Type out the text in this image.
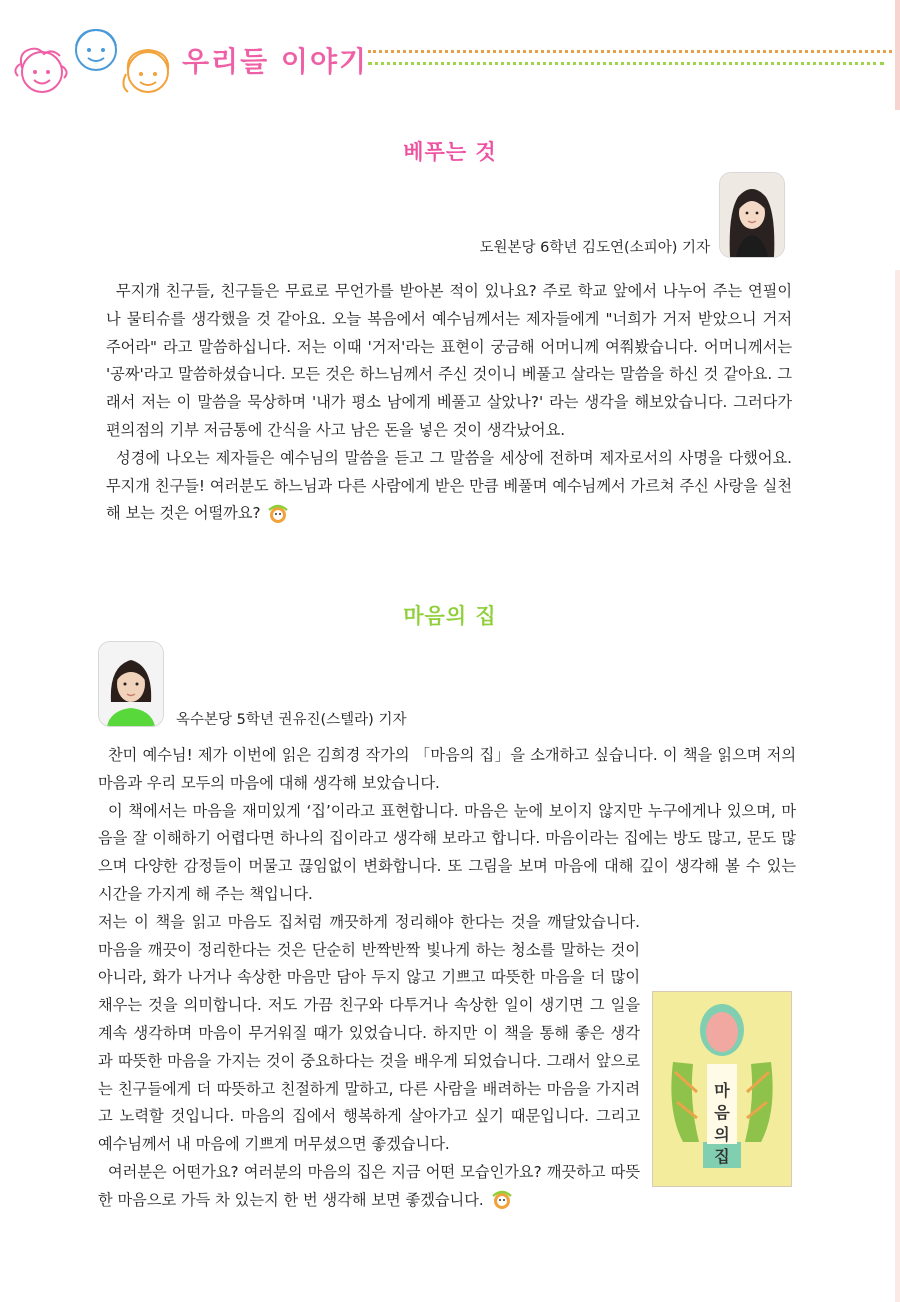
우리들 이야기
베푸는 것
도원본당 6학년 김도연(소피아) 기자

무지개 친구들, 친구들은 무료로 무언가를 받아본 적이 있나요? 주로 학교 앞에서 나누어 주는 연필이나 물티슈를 생각했을 것 같아요. 오늘 복음에서 예수님께서는 제자들에게 "너희가 거저 받았으니 거저 주어라" 라고 말씀하십니다. 저는 이때 '거저'라는 표현이 궁금해 어머니께 여쭤봤습니다. 어머니께서는 '공짜'라고 말씀하셨습니다. 모든 것은 하느님께서 주신 것이니 베풀고 살라는 말씀을 하신 것 같아요. 그래서 저는 이 말씀을 묵상하며 '내가 평소 남에게 베풀고 살았나?' 라는 생각을 해보았습니다. 그러다가 편의점의 기부 저금통에 간식을 사고 남은 돈을 넣은 것이 생각났어요.

성경에 나오는 제자들은 예수님의 말씀을 듣고 그 말씀을 세상에 전하며 제자로서의 사명을 다했어요. 무지개 친구들! 여러분도 하느님과 다른 사람에게 받은 만큼 베풀며 예수님께서 가르쳐 주신 사랑을 실천해 보는 것은 어떨까요?

마음의 집
옥수본당 5학년 권유진(스텔라) 기자

찬미 예수님! 제가 이번에 읽은 김희경 작가의 「마음의 집」을 소개하고 싶습니다. 이 책을 읽으며 저의 마음과 우리 모두의 마음에 대해 생각해 보았습니다.

이 책에서는 마음을 재미있게 ‘집’이라고 표현합니다. 마음은 눈에 보이지 않지만 누구에게나 있으며, 마음을 잘 이해하기 어렵다면 하나의 집이라고 생각해 보라고 합니다. 마음이라는 집에는 방도 많고, 문도 많으며 다양한 감정들이 머물고 끊임없이 변화합니다. 또 그림을 보며 마음에 대해 깊이 생각해 볼 수 있는 시간을 가지게 해 주는 책입니다.

저는 이 책을 읽고 마음도 집처럼 깨끗하게 정리해야 한다는 것을 깨달았습니다. 마음을 깨끗이 정리한다는 것은 단순히 반짝반짝 빛나게 하는 청소를 말하는 것이 아니라, 화가 나거나 속상한 마음만 담아 두지 않고 기쁘고 따뜻한 마음을 더 많이 채우는 것을 의미합니다. 저도 가끔 친구와 다투거나 속상한 일이 생기면 그 일을 계속 생각하며 마음이 무거워질 때가 있었습니다. 하지만 이 책을 통해 좋은 생각과 따뜻한 마음을 가지는 것이 중요하다는 것을 배우게 되었습니다. 그래서 앞으로는 친구들에게 더 따뜻하고 친절하게 말하고, 다른 사람을 배려하는 마음을 가지려고 노력할 것입니다. 마음의 집에서 행복하게 살아가고 싶기 때문입니다. 그리고 예수님께서 내 마음에 기쁘게 머무셨으면 좋겠습니다.

여러분은 어떤가요? 여러분의 마음의 집은 지금 어떤 모습인가요? 깨끗하고 따뜻한 마음으로 가득 차 있는지 한 번 생각해 보면 좋겠습니다.

마음의 집
